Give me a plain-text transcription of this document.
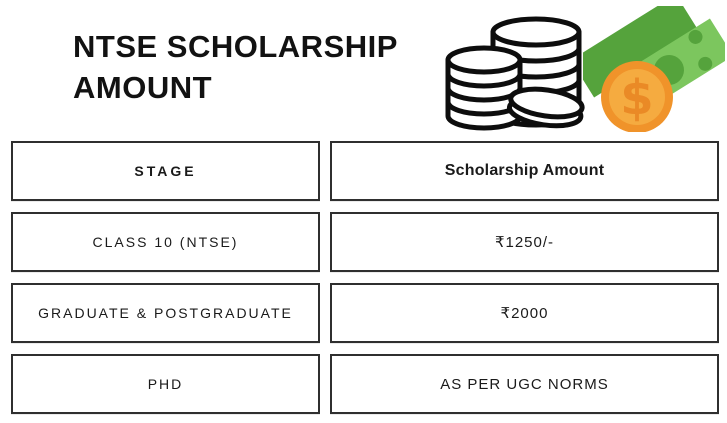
NTSE SCHOLARSHIP AMOUNT	$
STAGE	Scholarship Amount
CLASS 10 (NTSE)	₹1250/-
GRADUATE & POSTGRADUATE	₹2000
PHD	AS PER UGC NORMS
